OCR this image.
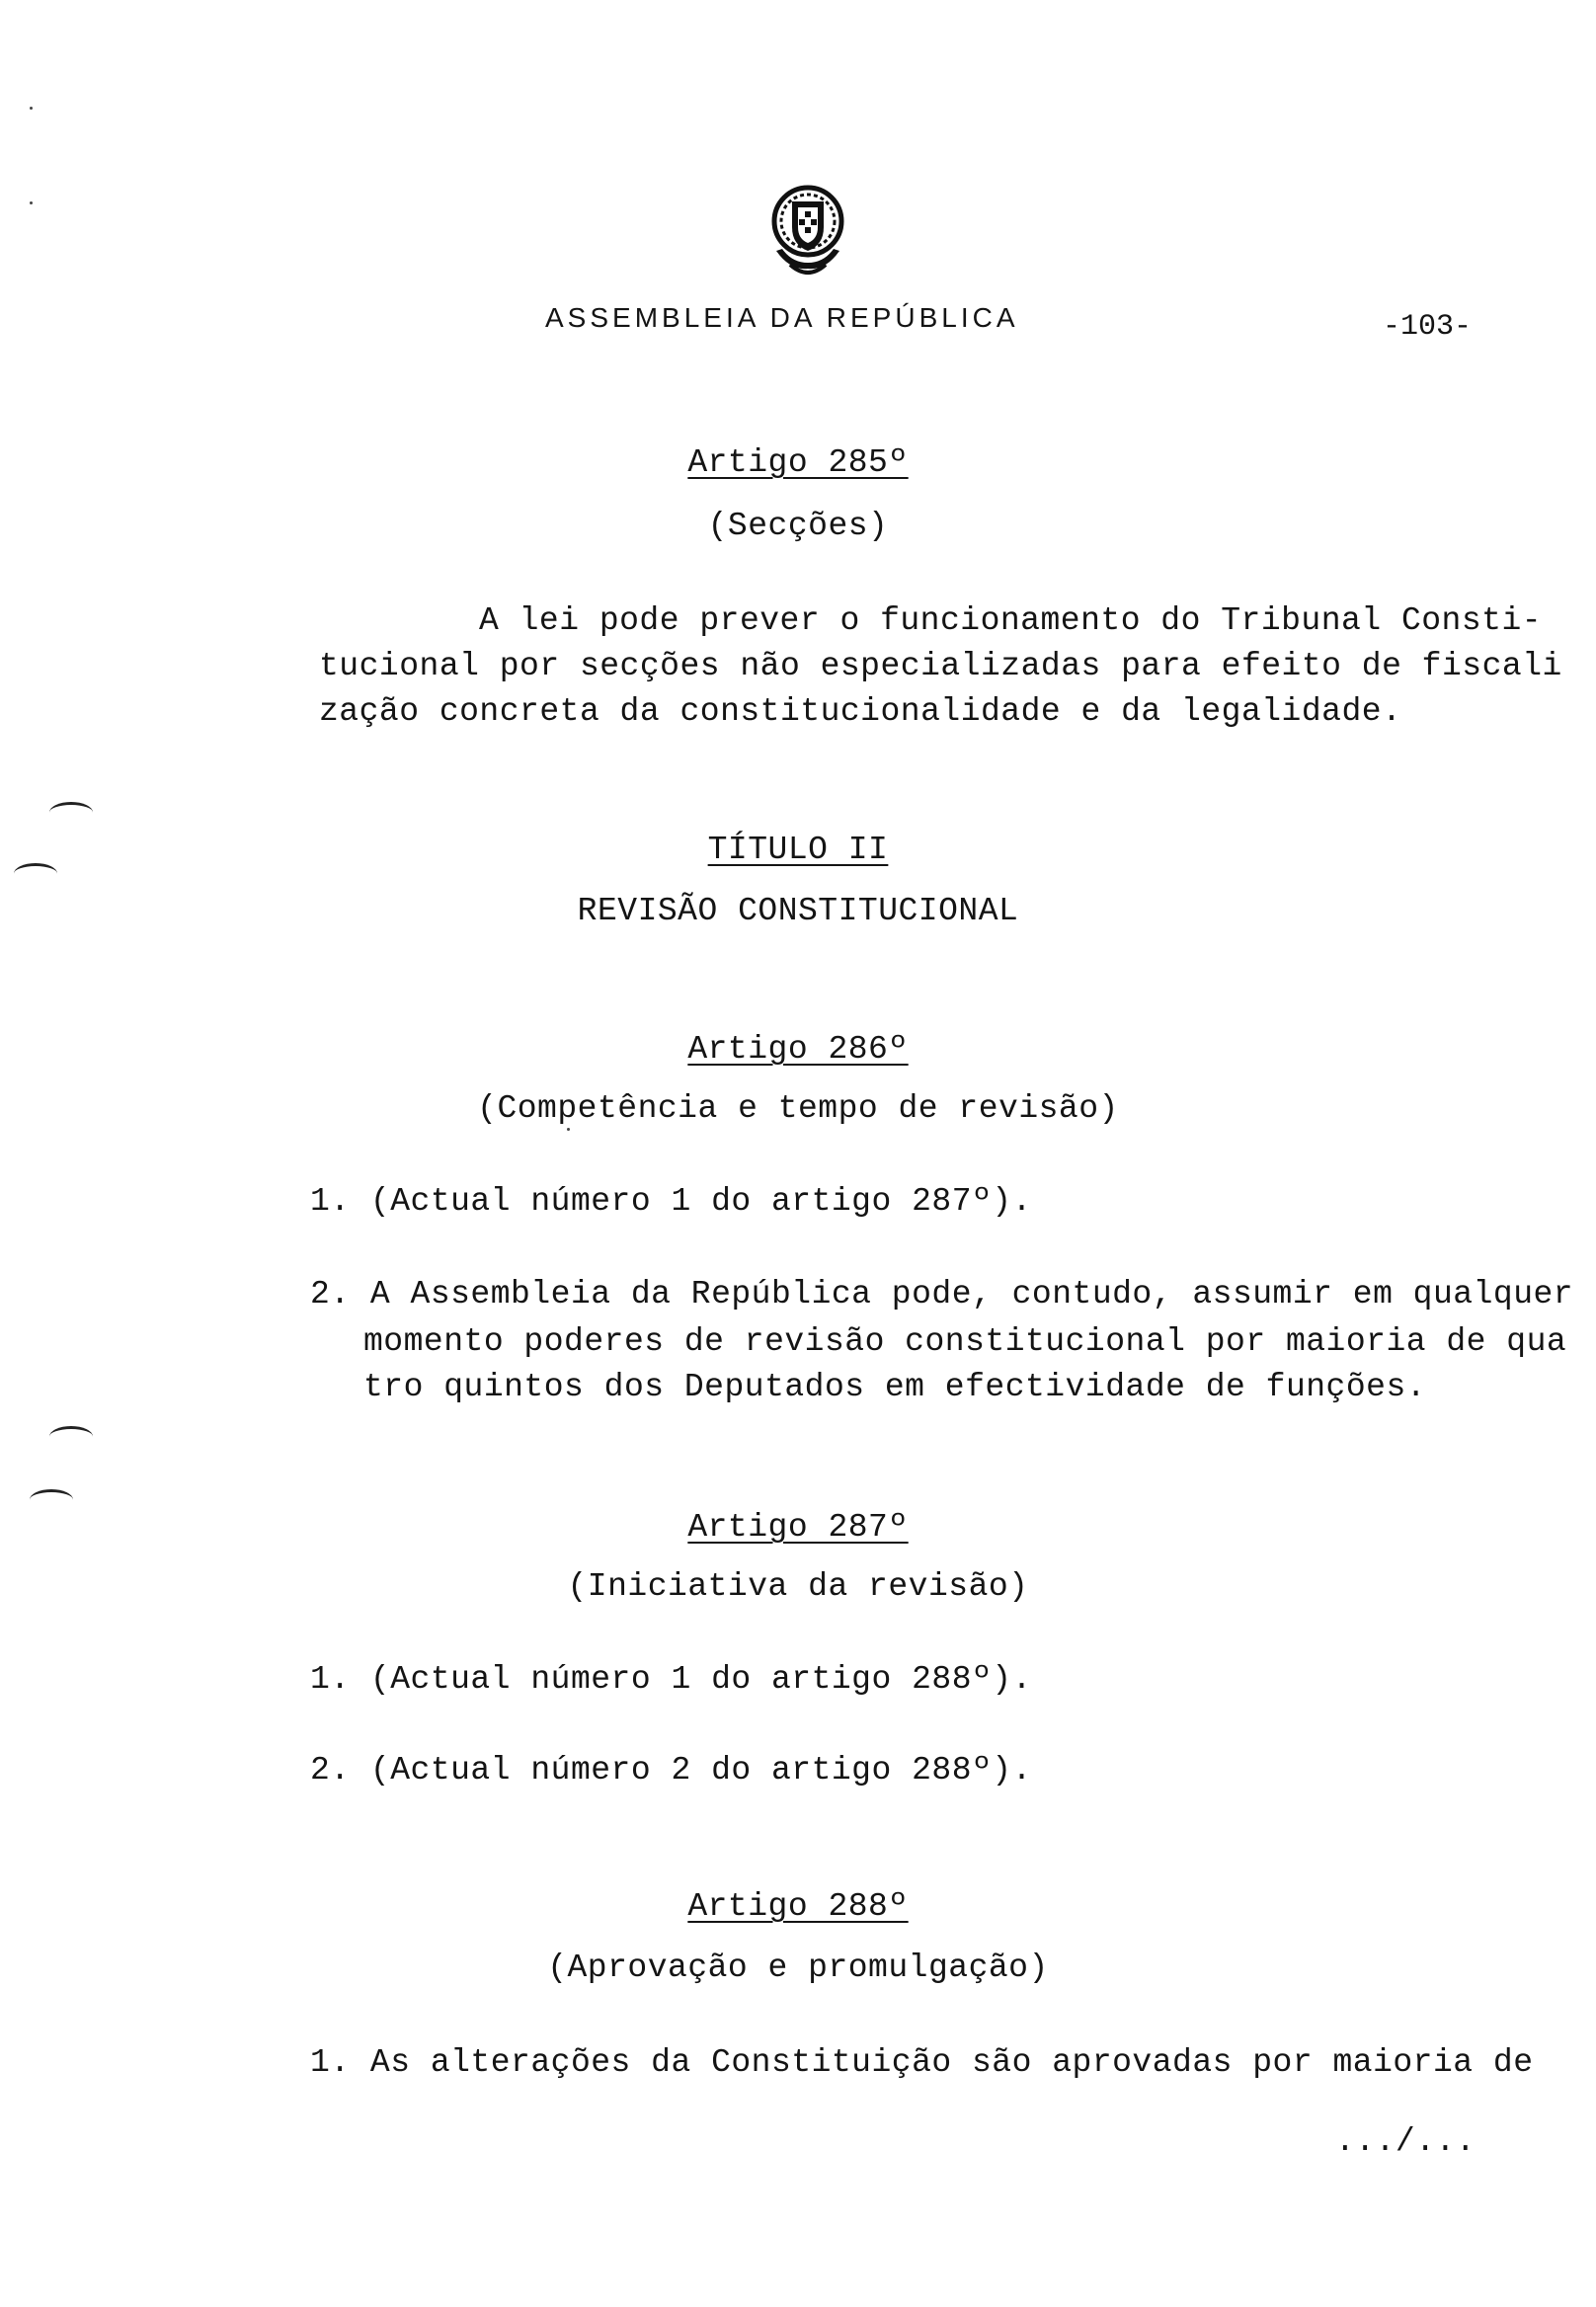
ASSEMBLEIA DA REPÚBLICA	-103-
Artigo 285º
(Secções)
A lei pode prever o funcionamento do Tribunal Consti-
tucional por secções não especializadas para efeito de fiscali
zação concreta da constitucionalidade e da legalidade.
TÍTULO II
REVISÃO CONSTITUCIONAL
Artigo 286º
(Competência e tempo de revisão)
1. (Actual número 1 do artigo 287º).
2. A Assembleia da República pode, contudo, assumir em qualquer
momento poderes de revisão constitucional por maioria de qua
tro quintos dos Deputados em efectividade de funções.
Artigo 287º
(Iniciativa da revisão)
1. (Actual número 1 do artigo 288º).
2. (Actual número 2 do artigo 288º).
Artigo 288º
(Aprovação e promulgação)
1. As alterações da Constituição são aprovadas por maioria de
.../...
